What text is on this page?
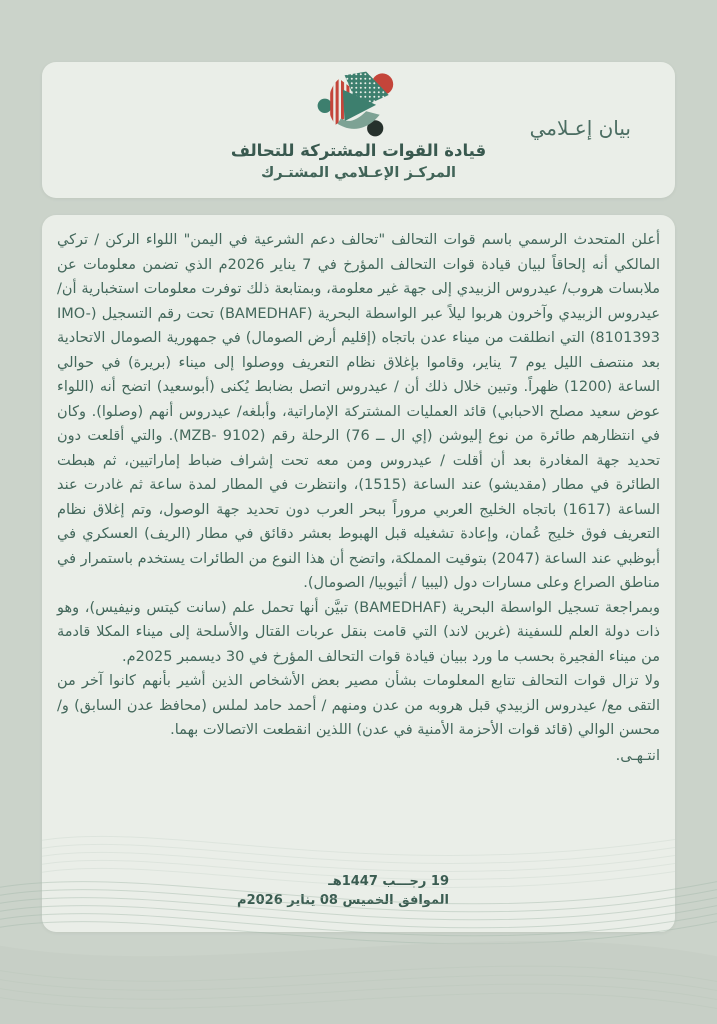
بيان إعـلامي
قيادة القوات المشتركة للتحالف
المركـز الإعـلامي المشتـرك

أعلن المتحدث الرسمي باسم قوات التحالف "تحالف دعم الشرعية في اليمن" اللواء الركن / تركي المالكي أنه إلحاقاً لبيان قيادة قوات التحالف المؤرخ في 7 يناير 2026م الذي تضمن معلومات عن ملابسات هروب/ عيدروس الزبيدي إلى جهة غير معلومة، وبمتابعة ذلك توفرت معلومات استخبارية أن/ عيدروس الزبيدي وآخرون هربوا ليلاً عبر الواسطة البحرية (BAMEDHAF) تحت رقم التسجيل (IMO- 8101393) التي انطلقت من ميناء عدن باتجاه (إقليم أرض الصومال) في جمهورية الصومال الاتحادية بعد منتصف الليل يوم 7 يناير، وقاموا بإغلاق نظام التعريف ووصلوا إلى ميناء (بريرة) في حوالي الساعة (1200) ظهراً. وتبين خلال ذلك أن / عيدروس اتصل بضابط يُكنى (أبوسعيد) اتضح أنه (اللواء عوض سعيد مصلح الاحبابي) قائد العمليات المشتركة الإماراتية، وأبلغه/ عيدروس أنهم (وصلوا). وكان في انتظارهم طائرة من نوع إليوشن (إي ال ــ 76) الرحلة رقم (MZB- 9102). والتي أقلعت دون تحديد جهة المغادرة بعد أن أقلت / عيدروس ومن معه تحت إشراف ضباط إماراتيين، ثم هبطت الطائرة في مطار (مقديشو) عند الساعة (1515)، وانتظرت في المطار لمدة ساعة ثم غادرت عند الساعة (1617) باتجاه الخليج العربي مروراً ببحر العرب دون تحديد جهة الوصول، وتم إغلاق نظام التعريف فوق خليج عُمان، وإعادة تشغيله قبل الهبوط بعشر دقائق في مطار (الريف) العسكري في أبوظبي عند الساعة (2047) بتوقيت المملكة، واتضح أن هذا النوع من الطائرات يستخدم باستمرار في مناطق الصراع وعلى مسارات دول (ليبيا / أثيوبيا/ الصومال).

وبمراجعة تسجيل الواسطة البحرية (BAMEDHAF) تبيَّن أنها تحمل علم (سانت كيتس ونيفيس)، وهو ذات دولة العلم للسفينة (غرين لاند) التي قامت بنقل عربات القتال والأسلحة إلى ميناء المكلا قادمة من ميناء الفجيرة بحسب ما ورد ببيان قيادة قوات التحالف المؤرخ في 30 ديسمبر 2025م.

ولا تزال قوات التحالف تتابع المعلومات بشأن مصير بعض الأشخاص الذين أشير بأنهم كانوا آخر من التقى مع/ عيدروس الزبيدي قبل هروبه من عدن ومنهم / أحمد حامد لملس (محافظ عدن السابق) و/ محسن الوالي (قائد قوات الأحزمة الأمنية في عدن) اللذين انقطعت الاتصالات بهما.

انتـهـى.
19 رجـــب 1447هـ
الموافق الخميس 08 يناير 2026م
